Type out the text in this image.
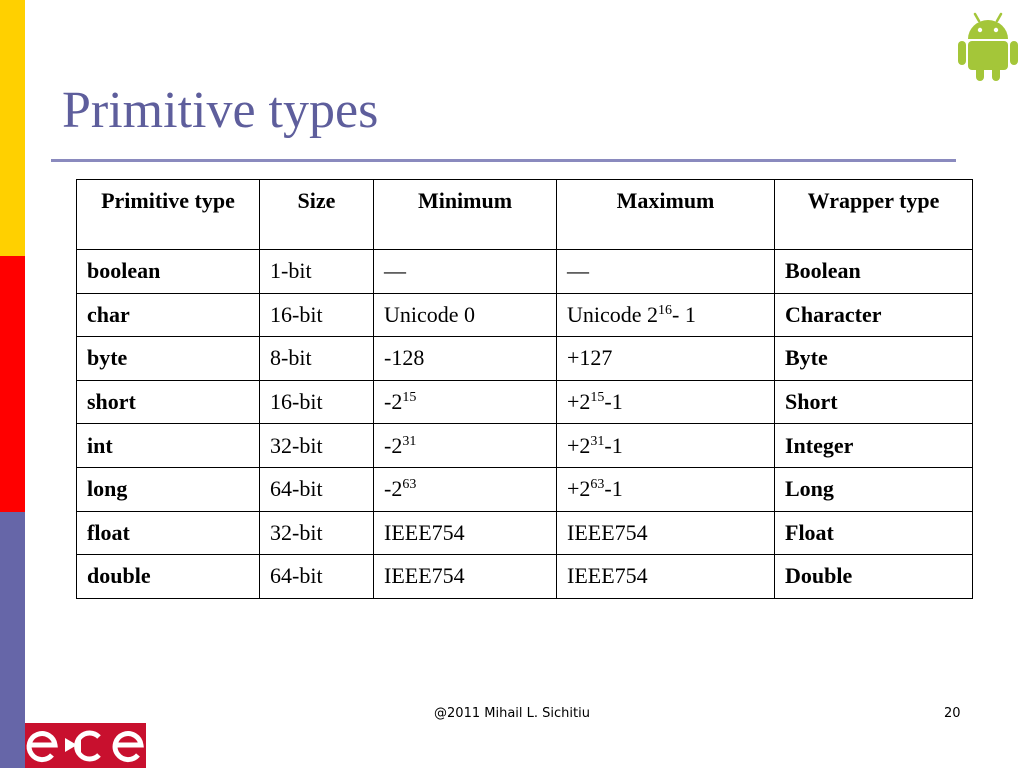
Primitive types
Primitive type	Size	Minimum	Maximum	Wrapper type
boolean	1-bit	—	—	Boolean
char	16-bit	Unicode 0	Unicode $2^{16}-$ 1	Character
byte	8-bit	-128	+127	Byte
short	16-bit	$-2^{15}$	$+2^{15}-1$	Short
int	32-bit	$-2^{31}$	$+2^{31}-1$	Integer
long	64-bit	$-2^{63}$	$+2^{63}-1$	Long
float	32-bit	IEEE754	IEEE754	Float
double	64-bit	IEEE754	IEEE754	Double
@2011 Mihail L. Sichitiu	20
